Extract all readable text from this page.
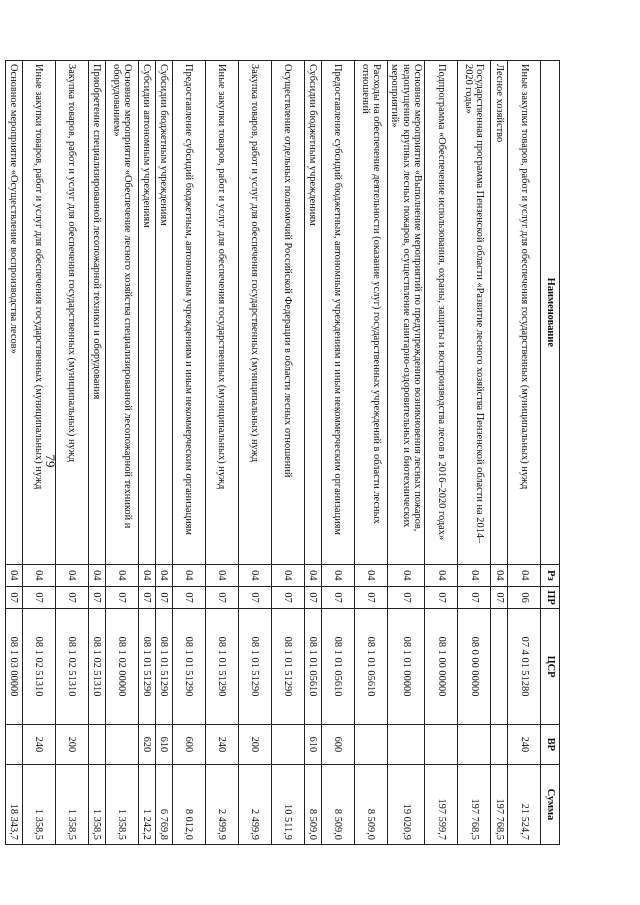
79
Наименование	Рз	ПР	ЦСР	ВР	Сумма
Иные закупки товаров, работ и услуг для обеспечения государственных (муниципальных) нужд	04	06	07 4 01 51280	240	21 524,7
Лесное хозяйство	04	07			197 768,5
Государственная программа Пензенской области «Развитие лесного хозяйства Пензенской области на 2014–2020 годы»	04	07	08 0 00 00000		197 768,5
Подпрограмма «Обеспечение использования, охраны, защиты и воспроизводства лесов в 2016–2020 годах»	04	07	08 1 00 00000		197 599,7
Основное мероприятие «Выполнение мероприятий по предупреждению возникновения лесных пожаров, недопущению крупных лесных пожаров, осуществление санитарно-оздоровительных и биотехнических мероприятий»	04	07	08 1 01 00000		19 020,9
Расходы на обеспечение деятельности (оказание услуг) государственных учреждений в области лесных отношений	04	07	08 1 01 05610		8 509,0
Предоставление субсидий бюджетным, автономным учреждениям и иным некоммерческим организациям	04	07	08 1 01 05610	600	8 509,0
Субсидии бюджетным учреждениям	04	07	08 1 01 05610	610	8 509,0
Осуществление отдельных полномочий Российской Федерации в области лесных отношений	04	07	08 1 01 51290		10 511,9
Закупка товаров, работ и услуг для обеспечения государственных (муниципальных) нужд	04	07	08 1 01 51290	200	2 499,9
Иные закупки товаров, работ и услуг для обеспечения государственных (муниципальных) нужд	04	07	08 1 01 51290	240	2 499,9
Предоставление субсидий бюджетным, автономным учреждениям и иным некоммерческим организациям	04	07	08 1 01 51290	600	8 012,0
Субсидии бюджетным учреждениям	04	07	08 1 01 51290	610	6 769,8
Субсидии автономным учреждениям	04	07	08 1 01 51290	620	1 242,2
Основное мероприятие «Обеспечение лесного хозяйства специализированной лесопожарной техникой и оборудованием»	04	07	08 1 02 00000		1 358,5
Приобретение специализированной лесопожарной техники и оборудования	04	07	08 1 02 51310		1 358,5
Закупка товаров, работ и услуг для обеспечения государственных (муниципальных) нужд	04	07	08 1 02 51310	200	1 358,5
Иные закупки товаров, работ и услуг для обеспечения государственных (муниципальных) нужд	04	07	08 1 02 51310	240	1 358,5
Основное мероприятие «Осуществление воспроизводства лесов»	04	07	08 1 03 00000		18 343,7
